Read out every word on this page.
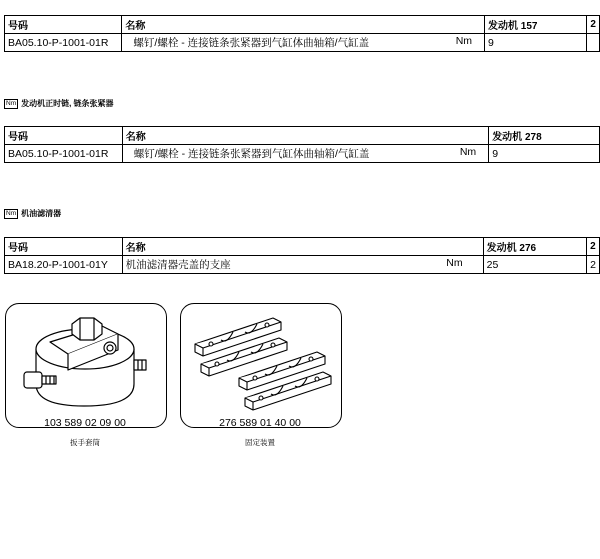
号码	名称	发动机 157	2
BA05.10-P-1001-01R	螺钉/螺栓 - 连接链条张紧器到气缸体曲轴箱/气缸盖 Nm	9	
Nm 发动机正时链, 链条张紧器
号码	名称	发动机 278
BA05.10-P-1001-01R	螺钉/螺栓 - 连接链条张紧器到气缸体曲轴箱/气缸盖 Nm	9
Nm 机油滤清器
号码	名称	发动机 276	2
BA18.20-P-1001-01Y	机油滤清器壳盖的支座 Nm	25	2
103 589 02 09 00
扳手套筒
276 589 01 40 00
固定装置
